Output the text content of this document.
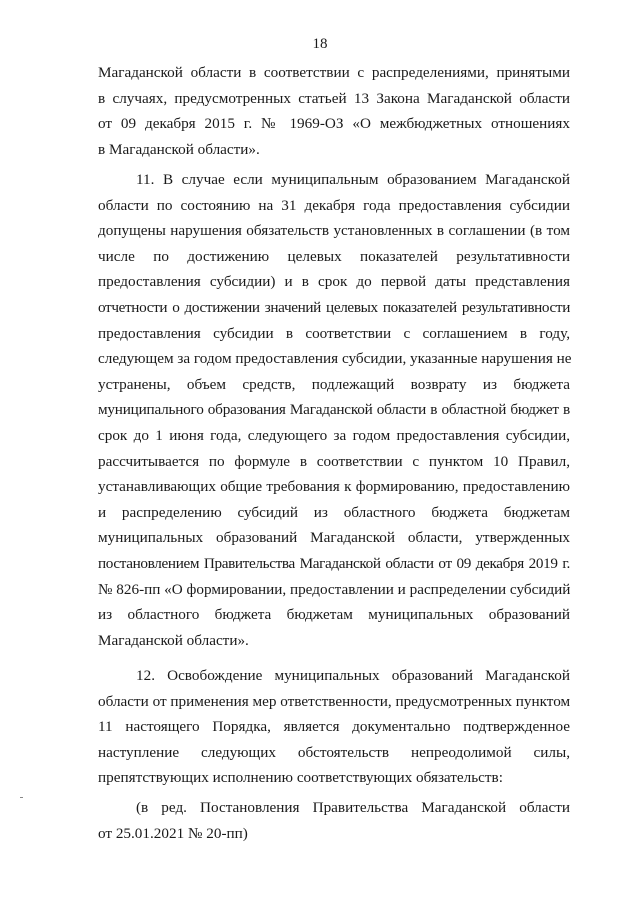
18
Магаданской области в соответствии с распределениями, принятыми
в случаях, предусмотренных статьей 13 Закона Магаданской области
от 09 декабря 2015 г. № 1969-ОЗ «О межбюджетных отношениях
в Магаданской области».
11. В случае если муниципальным образованием Магаданской
области по состоянию на 31 декабря года предоставления субсидии
допущены нарушения обязательств установленных в соглашении (в том
числе по достижению целевых показателей результативности
предоставления субсидии) и в срок до первой даты представления
отчетности о достижении значений целевых показателей результативности
предоставления субсидии в соответствии с соглашением в году,
следующем за годом предоставления субсидии, указанные нарушения не
устранены, объем средств, подлежащий возврату из бюджета
муниципального образования Магаданской области в областной бюджет в
срок до 1 июня года, следующего за годом предоставления субсидии,
рассчитывается по формуле в соответствии с пунктом 10 Правил,
устанавливающих общие требования к формированию, предоставлению
и распределению субсидий из областного бюджета бюджетам
муниципальных образований Магаданской области, утвержденных
постановлением Правительства Магаданской области от 09 декабря 2019 г.
№ 826-пп «О формировании, предоставлении и распределении субсидий
из областного бюджета бюджетам муниципальных образований
Магаданской области».
12. Освобождение муниципальных образований Магаданской
области от применения мер ответственности, предусмотренных пунктом
11 настоящего Порядка, является документально подтвержденное
наступление следующих обстоятельств непреодолимой силы,
препятствующих исполнению соответствующих обязательств:
(в ред. Постановления Правительства Магаданской области
от 25.01.2021 № 20-пп)
